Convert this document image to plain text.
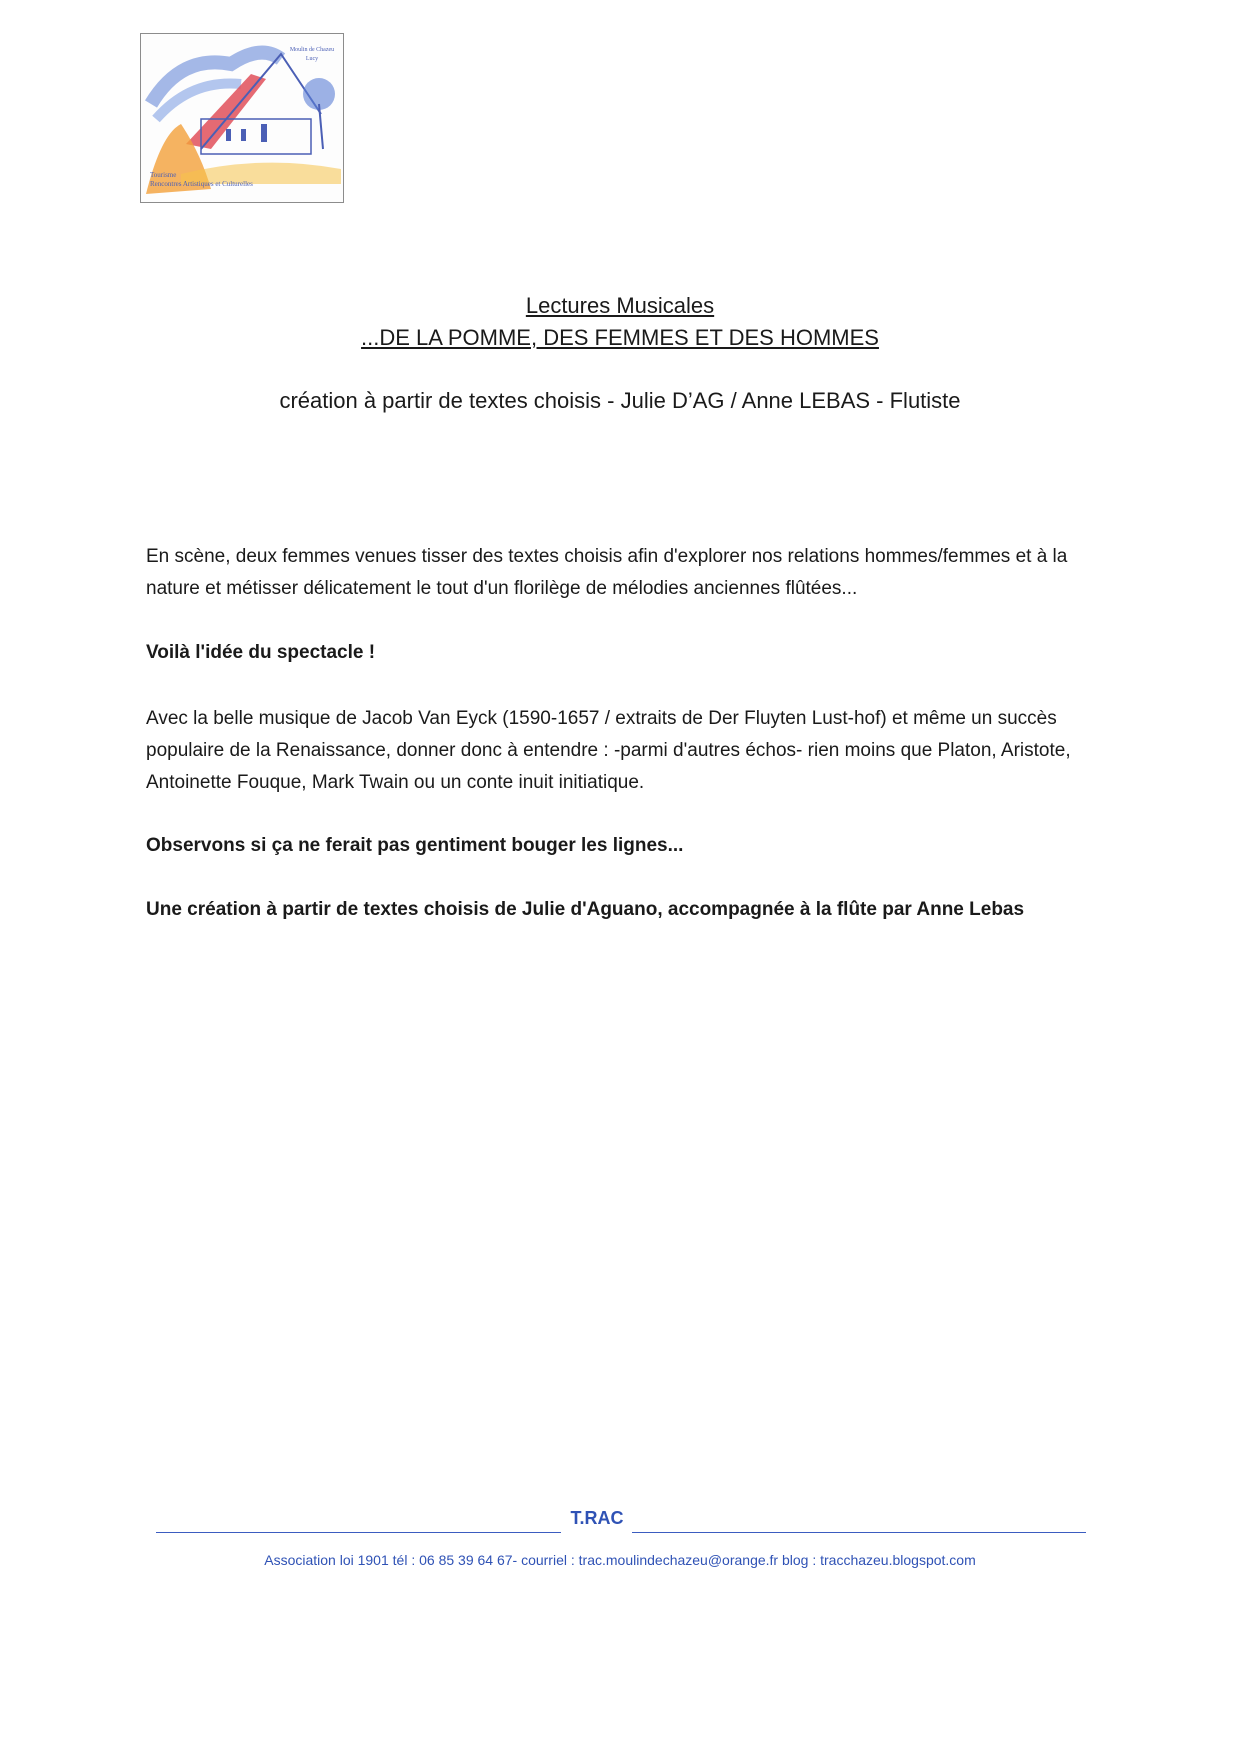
Moulin de Chazeu Lucy
Tourisme
Rencontres Artistiques et Culturelles
Lectures Musicales
...DE LA POMME, DES FEMMES ET DES HOMMES
création à partir de textes choisis - Julie D’AG / Anne LEBAS - Flutiste

En scène, deux femmes venues tisser des textes choisis afin d'explorer nos relations hommes/femmes et à la nature et métisser délicatement le tout d'un florilège de mélodies anciennes flûtées...

Voilà l'idée du spectacle !

Avec la belle musique de Jacob Van Eyck (1590-1657 / extraits de Der Fluyten Lust-hof) et même un succès populaire de la Renaissance, donner donc à entendre : -parmi d'autres échos- rien moins que Platon, Aristote, Antoinette Fouque, Mark Twain ou un conte inuit initiatique.

Observons si ça ne ferait pas gentiment bouger les lignes...

Une création à partir de textes choisis de Julie d'Aguano, accompagnée à la flûte par Anne Lebas

T.RAC
Association loi 1901 tél : 06 85 39 64 67- courriel : trac.moulindechazeu@orange.fr blog : tracchazeu.blogspot.com
